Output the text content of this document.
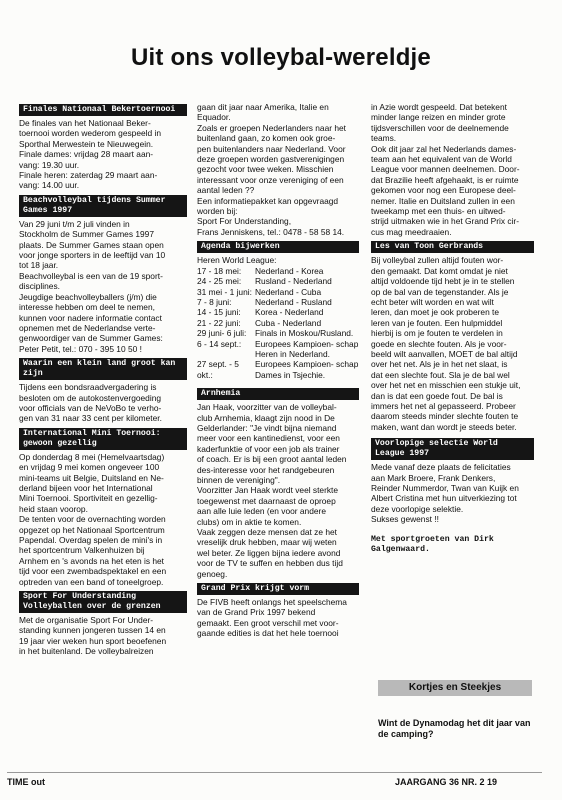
Uit ons volleybal-wereldje
Finales Nationaal Bekertoernooi
De finales van het Nationaal Beker-
toernooi worden wederom gespeeld in
Sporthal Merwestein te Nieuwegein.
Finale dames: vrijdag 28 maart aan-
vang: 19.30 uur.
Finale heren: zaterdag 29 maart aan-
vang: 14.00 uur.
Beachvolleybal tijdens Summer Games 1997
Van 29 juni t/m 2 juli vinden in
Stockholm de Summer Games 1997
plaats. De Summer Games staan open
voor jonge sporters in de leeftijd van 10
tot 18 jaar.
Beachvolleybal is een van de 19 sport-
disciplines.
Jeugdige beachvolleyballers (j/m) die
interesse hebben om deel te nemen,
kunnen voor nadere informatie contact
opnemen met de Nederlandse verte-
genwoordiger van de Summer Games:
Peter Petit, tel.: 070 - 395 10 50 !
Waarin een klein land groot kan zijn
Tijdens een bondsraadvergadering is
besloten om de autokostenvergoeding
voor officials van de NeVoBo te verho-
gen van 31 naar 33 cent per kilometer.
International Mini Toernooi: gewoon gezellig
Op donderdag 8 mei (Hemelvaartsdag)
en vrijdag 9 mei komen ongeveer 100
mini-teams uit Belgie, Duitsland en Ne-
derland bijeen voor het International
Mini Toernooi. Sportiviteit en gezellig-
heid staan voorop.
De tenten voor de overnachting worden
opgezet op het Nationaal Sportcentrum
Papendal. Overdag spelen de mini's in
het sportcentrum Valkenhuizen bij
Arnhem en 's avonds na het eten is het
tijd voor een zwembadspektakel en een
optreden van een band of toneelgroep.
Sport For Understanding Volleyballen over de grenzen
Met de organisatie Sport For Under-
standing kunnen jongeren tussen 14 en
19 jaar vier weken hun sport beoefenen
in het buitenland. De volleybalreizen
gaan dit jaar naar Amerika, Italie en
Equador.
Zoals er groepen Nederlanders naar het
buitenland gaan, zo komen ook groe-
pen buitenlanders naar Nederland. Voor
deze groepen worden gastverenigingen
gezocht voor twee weken. Misschien
interessant voor onze vereniging of een
aantal leden ??
Een informatiepakket kan opgevraagd
worden bij:
Sport For Understanding,
Frans Jenniskens, tel.: 0478 - 58 58 14.
Agenda bijwerken
Heren World League:
17 - 18 mei:	Nederland - Korea
24 - 25 mei:	Rusland - Nederland
31 mei - 1 juni:	Nederland - Cuba
7 - 8 juni:	Nederland - Rusland
14 - 15 juni:	Korea - Nederland
21 - 22 juni:	Cuba - Nederland
29 juni- 6 juli:	Finals in Moskou/Rusland.
6 - 14 sept.:	Europees Kampioen- schap Heren in Nederland.
27 sept. - 5 okt.:	Europees Kampioen- schap Dames in Tsjechie.
Arnhemia
Jan Haak, voorzitter van de volleybal-
club Arnhemia, klaagt zijn nood in De
Gelderlander: "Je vindt bijna niemand
meer voor een kantinedienst, voor een
kaderfunktie of voor een job als trainer
of coach. Er is bij een groot aantal leden
des-interesse voor het randgebeuren
binnen de vereniging".
Voorzitter Jan Haak wordt veel sterkte
toegewenst met daarnaast de oproep
aan alle luie leden (en voor andere
clubs) om in aktie te komen.
Vaak zeggen deze mensen dat ze het
vreselijk druk hebben, maar wij weten
wel beter. Ze liggen bijna iedere avond
voor de TV te suffen en hebben dus tijd
genoeg.
Grand Prix krijgt vorm
De FIVB heeft onlangs het speelschema
van de Grand Prix 1997 bekend
gemaakt. Een groot verschil met voor-
gaande edities is dat het hele toernooi
in Azie wordt gespeeld. Dat betekent
minder lange reizen en minder grote
tijdsverschillen voor de deelnemende
teams.
Ook dit jaar zal het Nederlands dames-
team aan het equivalent van de World
League voor mannen deelnemen. Door-
dat Brazilie heeft afgehaakt, is er ruimte
gekomen voor nog een Europese deel-
nemer. Italie en Duitsland zullen in een
tweekamp met een thuis- en uitwed-
strijd uitmaken wie in het Grand Prix cir-
cus mag meedraaien.
Les van Toon Gerbrands
Bij volleybal zullen altijd fouten wor-
den gemaakt. Dat komt omdat je niet
altijd voldoende tijd hebt je in te stellen
op de bal van de tegenstander. Als je
echt beter wilt worden en wat wilt
leren, dan moet je ook proberen te
leren van je fouten. Een hulpmiddel
hierbij is om je fouten te verdelen in
goede en slechte fouten. Als je voor-
beeld wilt aanvallen, MOET de bal altijd
over het net. Als je in het net slaat, is
dat een slechte fout. Sla je de bal wel
over het net en misschien een stukje uit,
dan is dat een goede fout. De bal is
immers het net al gepasseerd. Probeer
daarom steeds minder slechte fouten te
maken, want dan wordt je steeds beter.
Voorlopige selectie World League 1997
Mede vanaf deze plaats de felicitaties
aan Mark Broere, Frank Denkers,
Reinder Nummerdor, Twan van Kuijk en
Albert Cristina met hun uitverkiezing tot
deze voorlopige selektie.
Sukses gewenst !!
Met sportgroeten van Dirk Galgenwaard.
Kortjes en Steekjes
Wint de Dynamodag het dit jaar van de camping?
TIME out	JAARGANG 36 NR. 2 19
